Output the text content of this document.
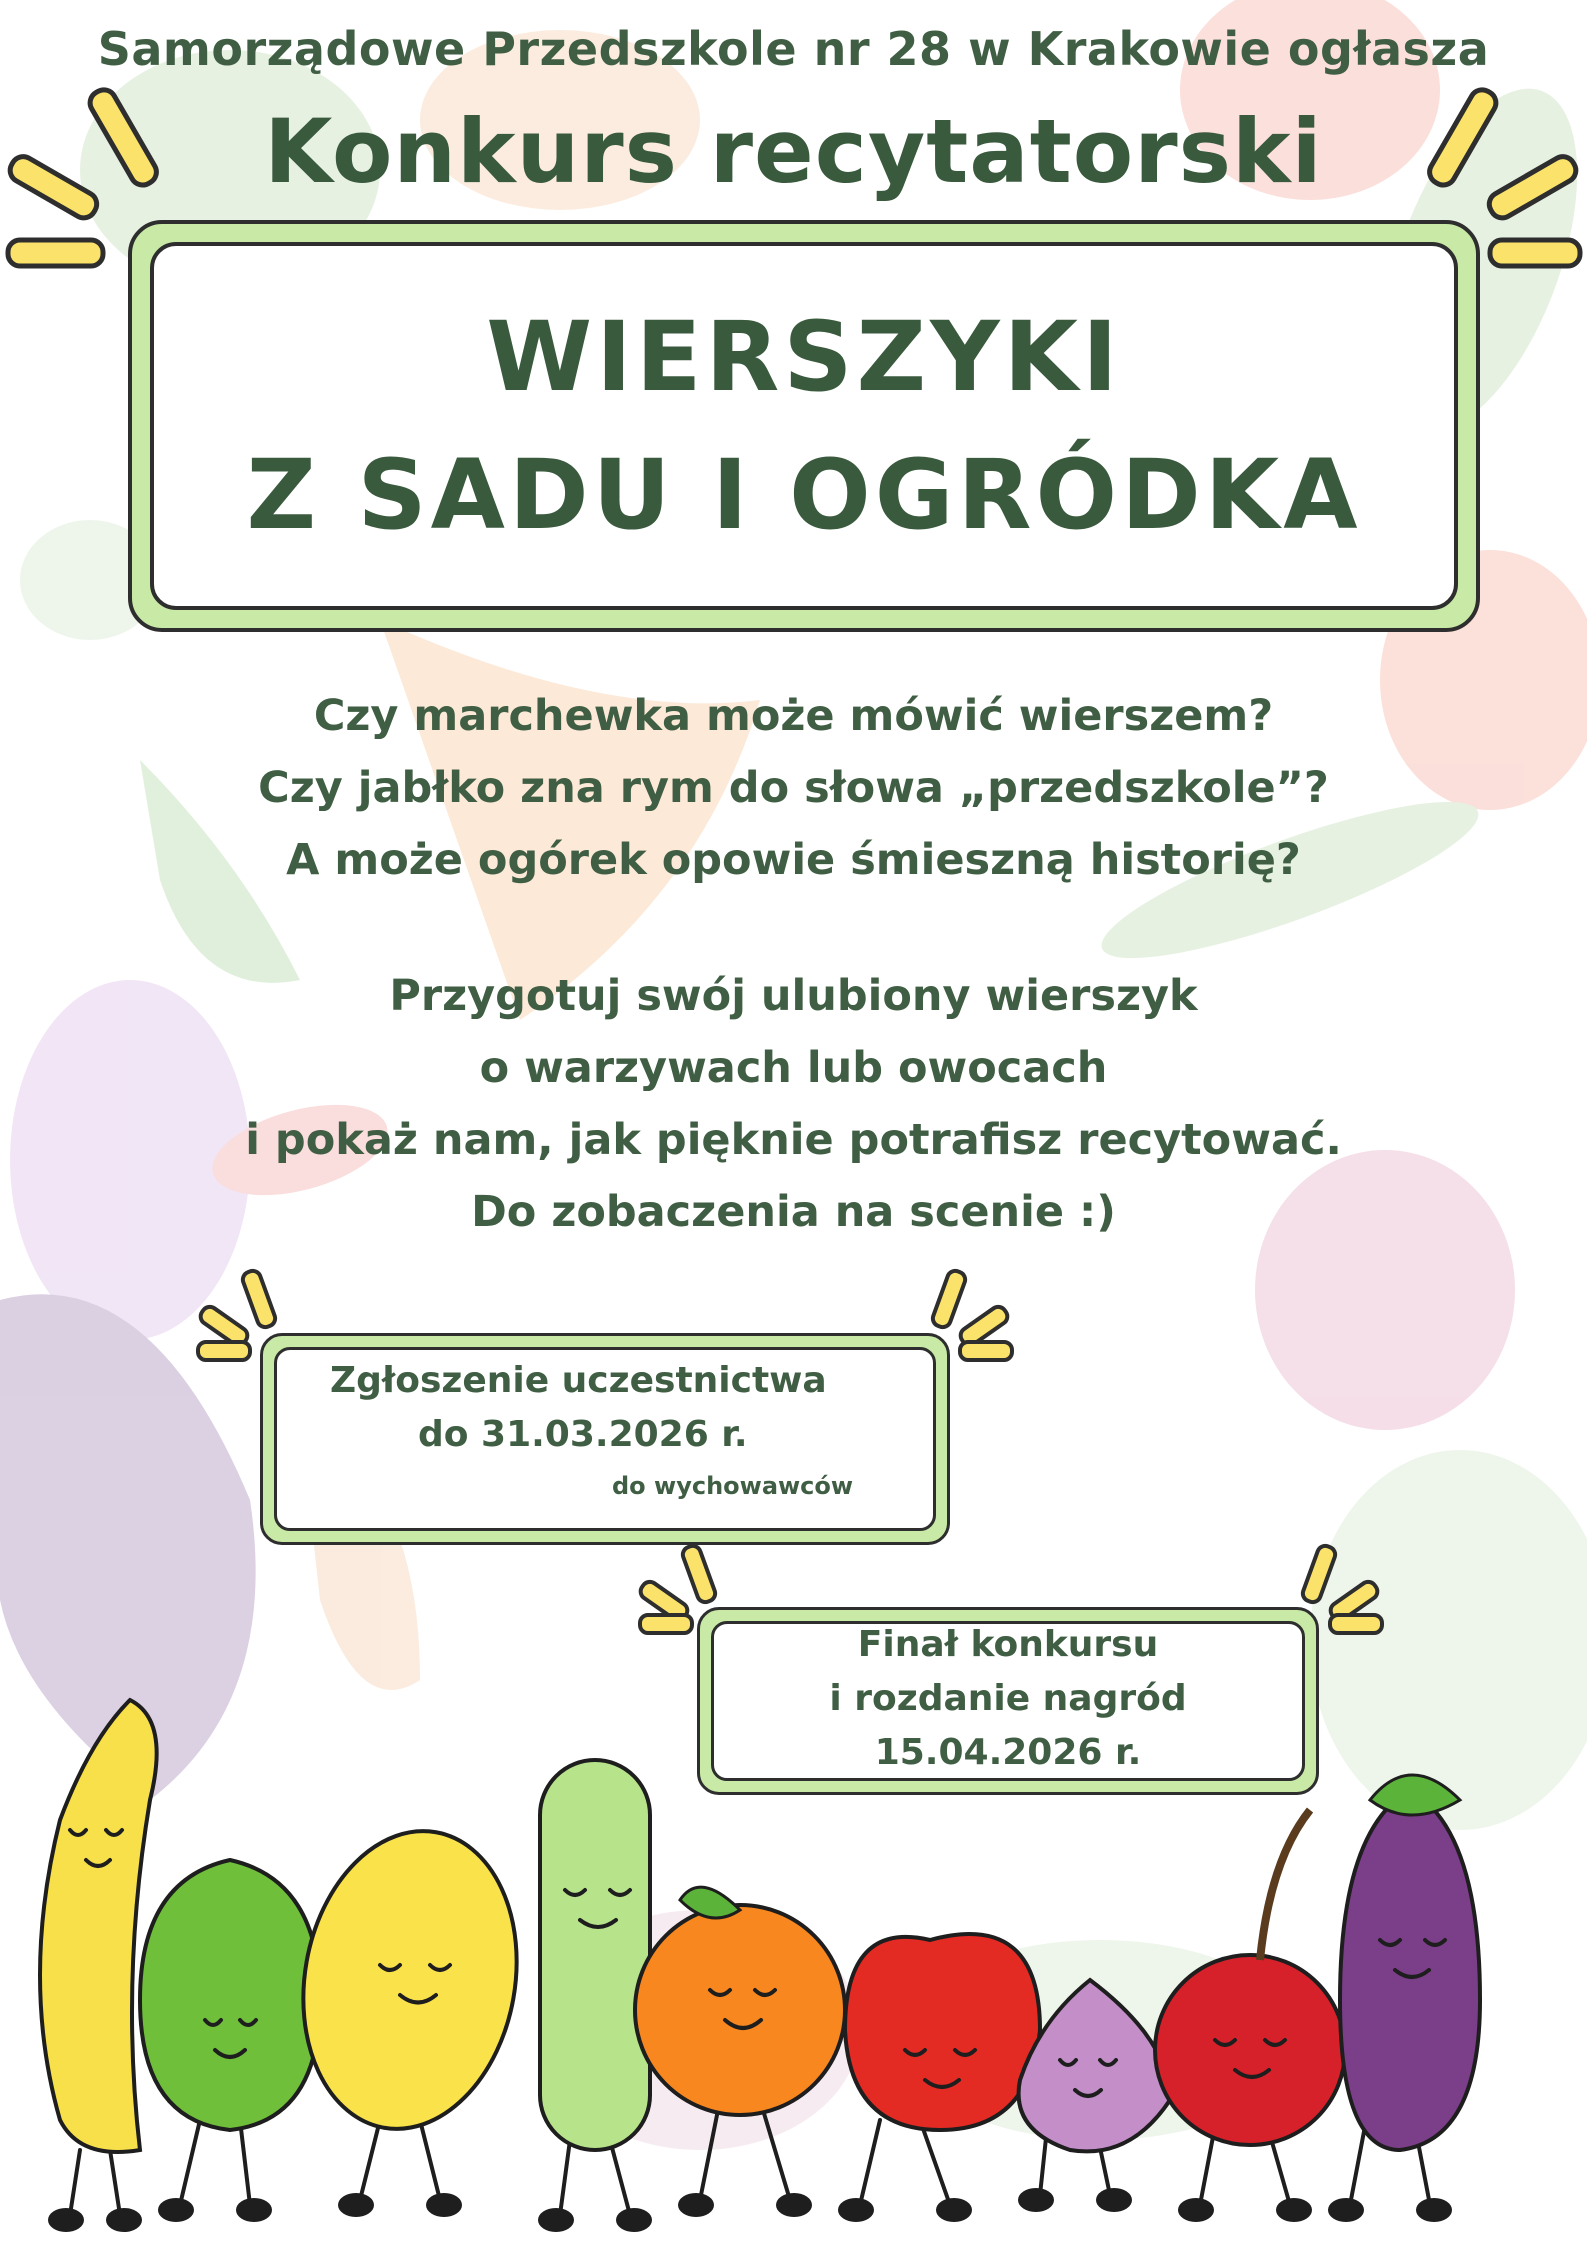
Samorządowe Przedszkole nr 28 w Krakowie ogłasza
Konkurs recytatorski
WIERSZYKI
Z SADU I OGRÓDKA
Czy marchewka może mówić wierszem?
Czy jabłko zna rym do słowa „przedszkole”?
A może ogórek opowie śmieszną historię?
Przygotuj swój ulubiony wierszyk
o warzywach lub owocach
i pokaż nam, jak pięknie potrafisz recytować.
Do zobaczenia na scenie :)
Zgłoszenie uczestnictwa
do 31.03.2026 r.
do wychowawców
Finał konkursu
i rozdanie nagród
15.04.2026 r.
